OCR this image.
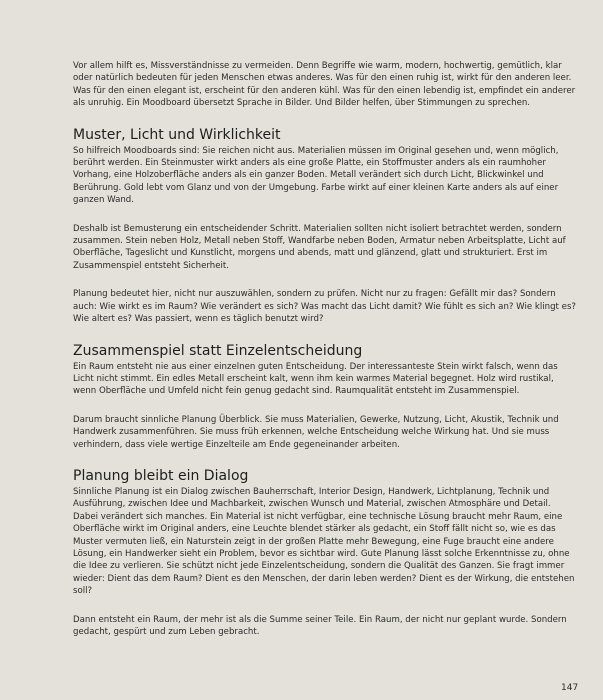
Vor allem hilft es, Missverständnisse zu vermeiden. Denn Begriffe wie warm, modern, hochwertig, gemütlich, klar oder natürlich bedeuten für jeden Menschen etwas anderes. Was für den einen ruhig ist, wirkt für den anderen leer. Was für den einen elegant ist, erscheint für den anderen kühl. Was für den einen lebendig ist, empfindet ein anderer als unruhig. Ein Moodboard übersetzt Sprache in Bilder. Und Bilder helfen, über Stimmungen zu sprechen.

Muster, Licht und Wirklichkeit

So hilfreich Moodboards sind: Sie reichen nicht aus. Materialien müssen im Original gesehen und, wenn möglich, berührt werden. Ein Steinmuster wirkt anders als eine große Platte, ein Stoffmuster anders als ein raumhoher Vorhang, eine Holzoberfläche anders als ein ganzer Boden. Metall verändert sich durch Licht, Blickwinkel und Berührung. Gold lebt vom Glanz und von der Umgebung. Farbe wirkt auf einer kleinen Karte anders als auf einer ganzen Wand.

Deshalb ist Bemusterung ein entscheidender Schritt. Materialien sollten nicht isoliert betrachtet werden, sondern zusammen. Stein neben Holz, Metall neben Stoff, Wandfarbe neben Boden, Armatur neben Arbeitsplatte, Licht auf Oberfläche, Tageslicht und Kunstlicht, morgens und abends, matt und glänzend, glatt und strukturiert. Erst im Zusammenspiel entsteht Sicherheit.

Planung bedeutet hier, nicht nur auszuwählen, sondern zu prüfen. Nicht nur zu fragen: Gefällt mir das? Sondern auch: Wie wirkt es im Raum? Wie verändert es sich? Was macht das Licht damit? Wie fühlt es sich an? Wie klingt es? Wie altert es? Was passiert, wenn es täglich benutzt wird?

Zusammenspiel statt Einzelentscheidung

Ein Raum entsteht nie aus einer einzelnen guten Entscheidung. Der interessanteste Stein wirkt falsch, wenn das Licht nicht stimmt. Ein edles Metall erscheint kalt, wenn ihm kein warmes Material begegnet. Holz wird rustikal, wenn Oberfläche und Umfeld nicht fein genug gedacht sind. Raumqualität entsteht im Zusammenspiel.

Darum braucht sinnliche Planung Überblick. Sie muss Materialien, Gewerke, Nutzung, Licht, Akustik, Technik und Handwerk zusammenführen. Sie muss früh erkennen, welche Entscheidung welche Wirkung hat. Und sie muss verhindern, dass viele wertige Einzelteile am Ende gegeneinander arbeiten.

Planung bleibt ein Dialog

Sinnliche Planung ist ein Dialog zwischen Bauherrschaft, Interior Design, Handwerk, Lichtplanung, Technik und Ausführung, zwischen Idee und Machbarkeit, zwischen Wunsch und Material, zwischen Atmosphäre und Detail. Dabei verändert sich manches. Ein Material ist nicht verfügbar, eine technische Lösung braucht mehr Raum, eine Oberfläche wirkt im Original anders, eine Leuchte blendet stärker als gedacht, ein Stoff fällt nicht so, wie es das Muster vermuten ließ, ein Naturstein zeigt in der großen Platte mehr Bewegung, eine Fuge braucht eine andere Lösung, ein Handwerker sieht ein Problem, bevor es sichtbar wird. Gute Planung lässt solche Erkenntnisse zu, ohne die Idee zu verlieren. Sie schützt nicht jede Einzelentscheidung, sondern die Qualität des Ganzen. Sie fragt immer wieder: Dient das dem Raum? Dient es den Menschen, der darin leben werden? Dient es der Wirkung, die entstehen soll?

Dann entsteht ein Raum, der mehr ist als die Summe seiner Teile. Ein Raum, der nicht nur geplant wurde. Sondern gedacht, gespürt und zum Leben gebracht.

147
